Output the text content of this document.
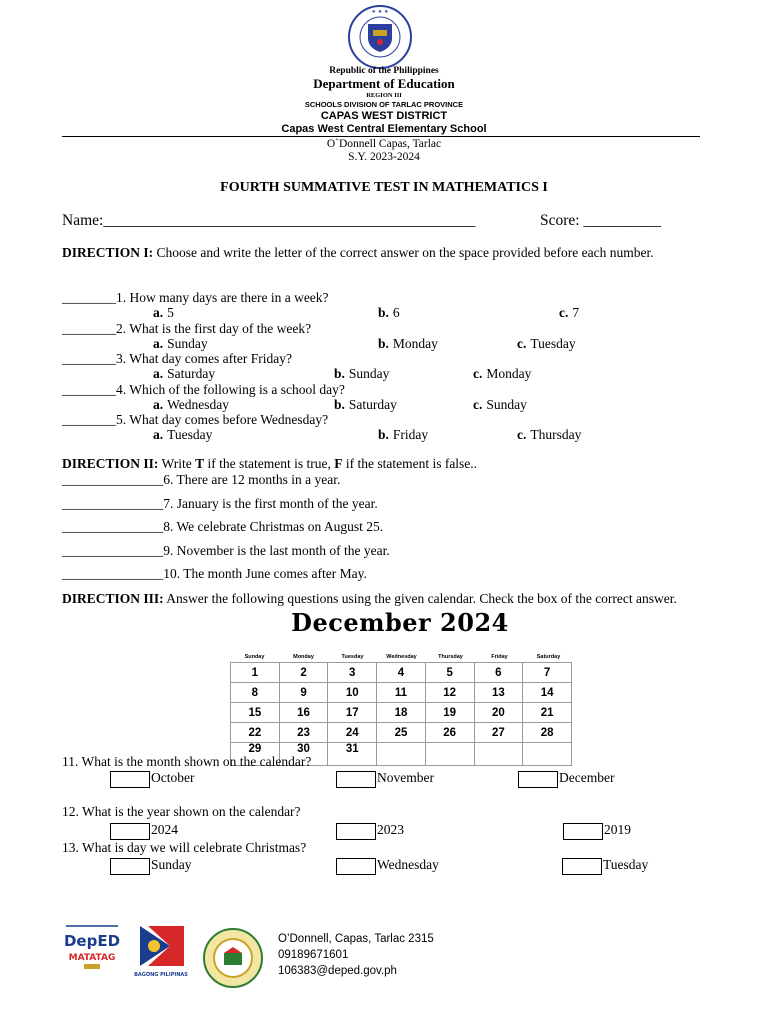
★ ★ ★
Republic of the Philippines
Department of Education
REGION III
SCHOOLS DIVISION OF TARLAC PROVINCE
CAPAS WEST DISTRICT
Capas West Central Elementary School
O`Donnell Capas, Tarlac
S.Y. 2023-2024
FOURTH SUMMATIVE TEST IN MATHEMATICS I
Name:________________________________________________	Score: __________
DIRECTION I: Choose and write the letter of the correct answer on the space provided before each number.
________1. How many days are there in a week?
a. 5	b. 6	c. 7
________2. What is the first day of the week?
a. Sunday	b. Monday	c. Tuesday
________3. What day comes after Friday?
a. Saturday	b. Sunday	c. Monday
________4. Which of the following is a school day?
a. Wednesday	b. Saturday	c. Sunday
________5. What day comes before Wednesday?
a. Tuesday	b. Friday	c. Thursday
DIRECTION II: Write T if the statement is true, F if the statement is false..
_______________6. There are 12 months in a year.
_______________7. January is the first month of the year.
_______________8. We celebrate Christmas on August 25.
_______________9. November is the last month of the year.
_______________10. The month June comes after May.
DIRECTION III: Answer the following questions using the given calendar. Check the box of the correct answer.
December 2024
Sunday	Monday	Tuesday	Wednesday	Thursday	Friday	Saturday
1	2	3	4	5	6	7
8	9	10	11	12	13	14
15	16	17	18	19	20	21
22	23	24	25	26	27	28
29	30	31				
11. What is the month shown on the calendar?
October	November	December
12. What is the year shown on the calendar?
2024	2023	2019
13. What is day we will celebrate Christmas?
Sunday	Wednesday	Tuesday
DepED
MATATAG
BAGONG PILIPINAS
O’Donnell, Capas, Tarlac 2315
09189671601
106383@deped.gov.ph
